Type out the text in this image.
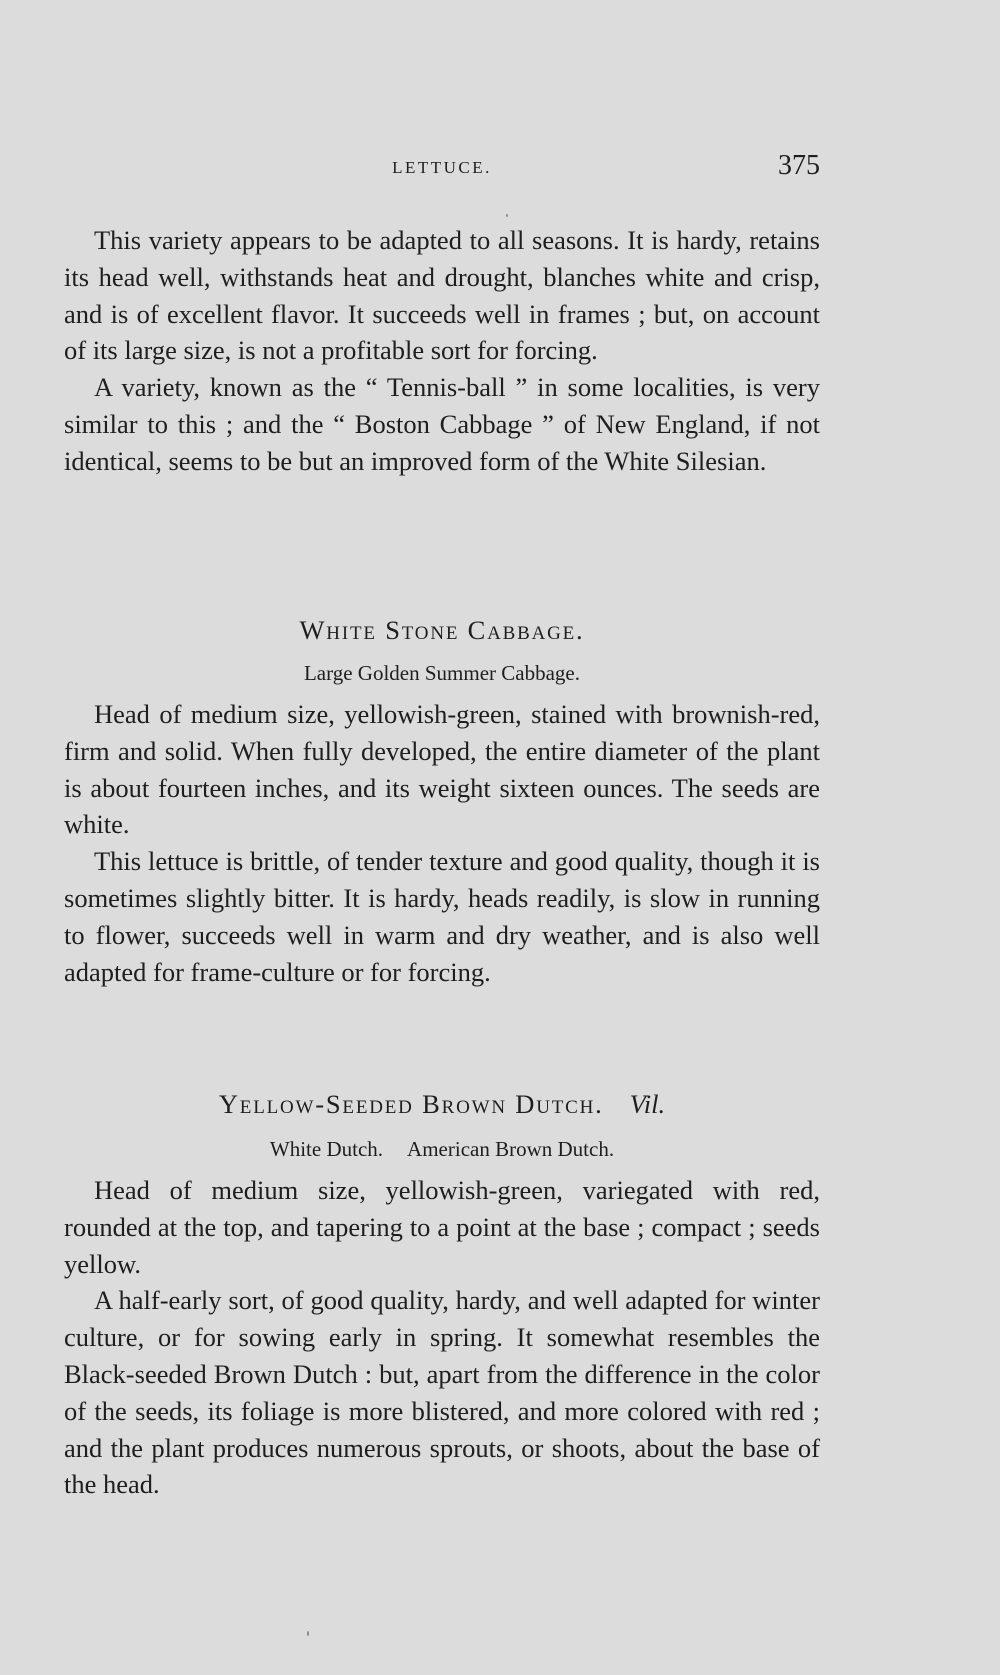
LETTUCE.	375

This variety appears to be adapted to all seasons. It is hardy, retains its head well, withstands heat and drought, blanches white and crisp, and is of excellent flavor. It succeeds well in frames ; but, on account of its large size, is not a profitable sort for forcing.

A variety, known as the “ Tennis-ball ” in some localities, is very similar to this ; and the “ Boston Cabbage ” of New England, if not identical, seems to be but an improved form of the White Silesian.

White Stone Cabbage.
Large Golden Summer Cabbage.

Head of medium size, yellowish-green, stained with brownish-red, firm and solid. When fully developed, the entire diameter of the plant is about fourteen inches, and its weight sixteen ounces. The seeds are white.

This lettuce is brittle, of tender texture and good quality, though it is sometimes slightly bitter. It is hardy, heads readily, is slow in running to flower, succeeds well in warm and dry weather, and is also well adapted for frame-culture or for forcing.

Yellow-Seeded Brown Dutch. Vil.
White Dutch. American Brown Dutch.

Head of medium size, yellowish-green, variegated with red, rounded at the top, and tapering to a point at the base ; compact ; seeds yellow.

A half-early sort, of good quality, hardy, and well adapted for winter culture, or for sowing early in spring. It somewhat resembles the Black-seeded Brown Dutch : but, apart from the difference in the color of the seeds, its foliage is more blistered, and more colored with red ; and the plant produces numerous sprouts, or shoots, about the base of the head.
